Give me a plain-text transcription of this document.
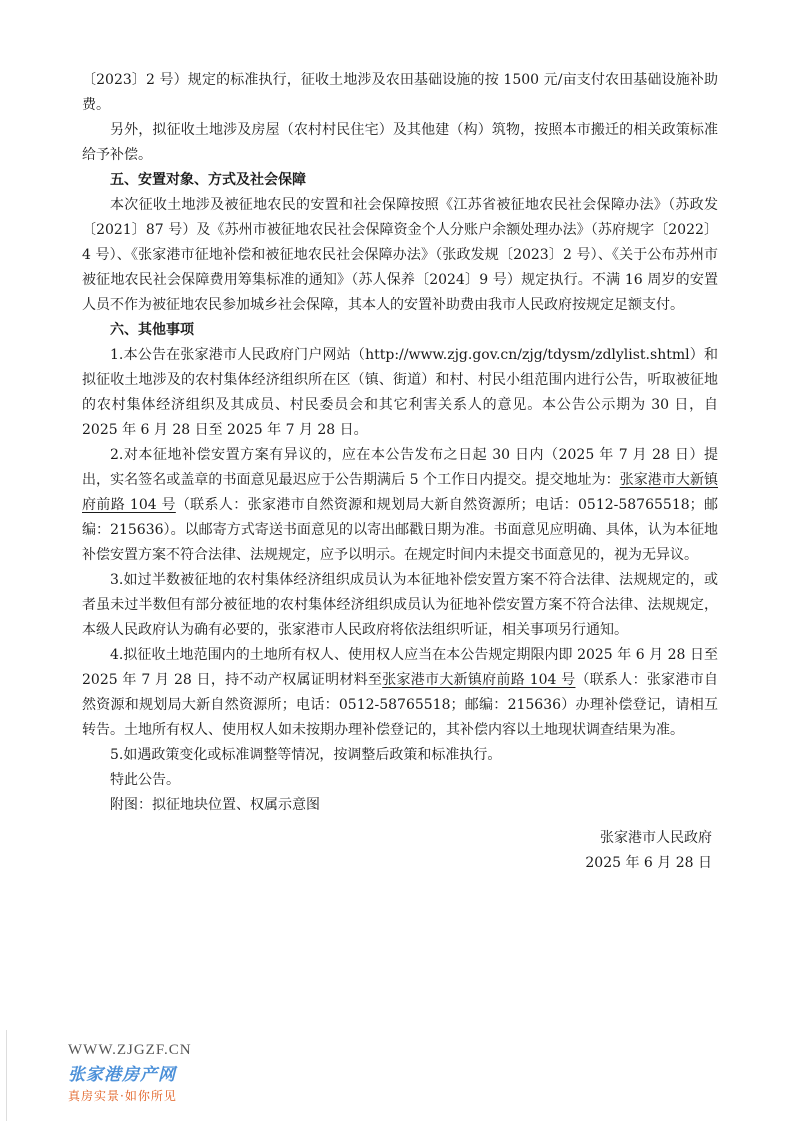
〔2023〕2 号）规定的标准执行，征收土地涉及农田基础设施的按 1500 元/亩支付农田基础设施补助费。

另外，拟征收土地涉及房屋（农村村民住宅）及其他建（构）筑物，按照本市搬迁的相关政策标准给予补偿。

五、安置对象、方式及社会保障

本次征收土地涉及被征地农民的安置和社会保障按照《江苏省被征地农民社会保障办法》（苏政发〔2021〕87 号）及《苏州市被征地农民社会保障资金个人分账户余额处理办法》（苏府规字〔2022〕4 号）、《张家港市征地补偿和被征地农民社会保障办法》（张政发规〔2023〕2 号）、《关于公布苏州市被征地农民社会保障费用筹集标准的通知》（苏人保养〔2024〕9 号）规定执行。不满 16 周岁的安置人员不作为被征地农民参加城乡社会保障，其本人的安置补助费由我市人民政府按规定足额支付。

六、其他事项

1.本公告在张家港市人民政府门户网站（http://www.zjg.gov.cn/zjg/tdysm/zdlylist.shtml）和拟征收土地涉及的农村集体经济组织所在区（镇、街道）和村、村民小组范围内进行公告，听取被征地的农村集体经济组织及其成员、村民委员会和其它利害关系人的意见。本公告公示期为 30 日，自 2025 年 6 月 28 日至 2025 年 7 月 28 日。

2.对本征地补偿安置方案有异议的，应在本公告发布之日起 30 日内（2025 年 7 月 28 日）提出，实名签名或盖章的书面意见最迟应于公告期满后 5 个工作日内提交。提交地址为：张家港市大新镇府前路 104 号（联系人：张家港市自然资源和规划局大新自然资源所；电话：0512-58765518；邮编：215636）。以邮寄方式寄送书面意见的以寄出邮戳日期为准。书面意见应明确、具体，认为本征地补偿安置方案不符合法律、法规规定，应予以明示。在规定时间内未提交书面意见的，视为无异议。

3.如过半数被征地的农村集体经济组织成员认为本征地补偿安置方案不符合法律、法规规定的，或者虽未过半数但有部分被征地的农村集体经济组织成员认为征地补偿安置方案不符合法律、法规规定，本级人民政府认为确有必要的，张家港市人民政府将依法组织听证，相关事项另行通知。

4.拟征收土地范围内的土地所有权人、使用权人应当在本公告规定期限内即 2025 年 6 月 28 日至 2025 年 7 月 28 日，持不动产权属证明材料至张家港市大新镇府前路 104 号（联系人：张家港市自然资源和规划局大新自然资源所；电话：0512-58765518；邮编：215636）办理补偿登记，请相互转告。土地所有权人、使用权人如未按期办理补偿登记的，其补偿内容以土地现状调查结果为准。

5.如遇政策变化或标准调整等情况，按调整后政策和标准执行。

特此公告。

附图：拟征地块位置、权属示意图

张家港市人民政府

2025 年 6 月 28 日

WWW.ZJGZF.CN
张家港房产网
真房实景·如你所见
